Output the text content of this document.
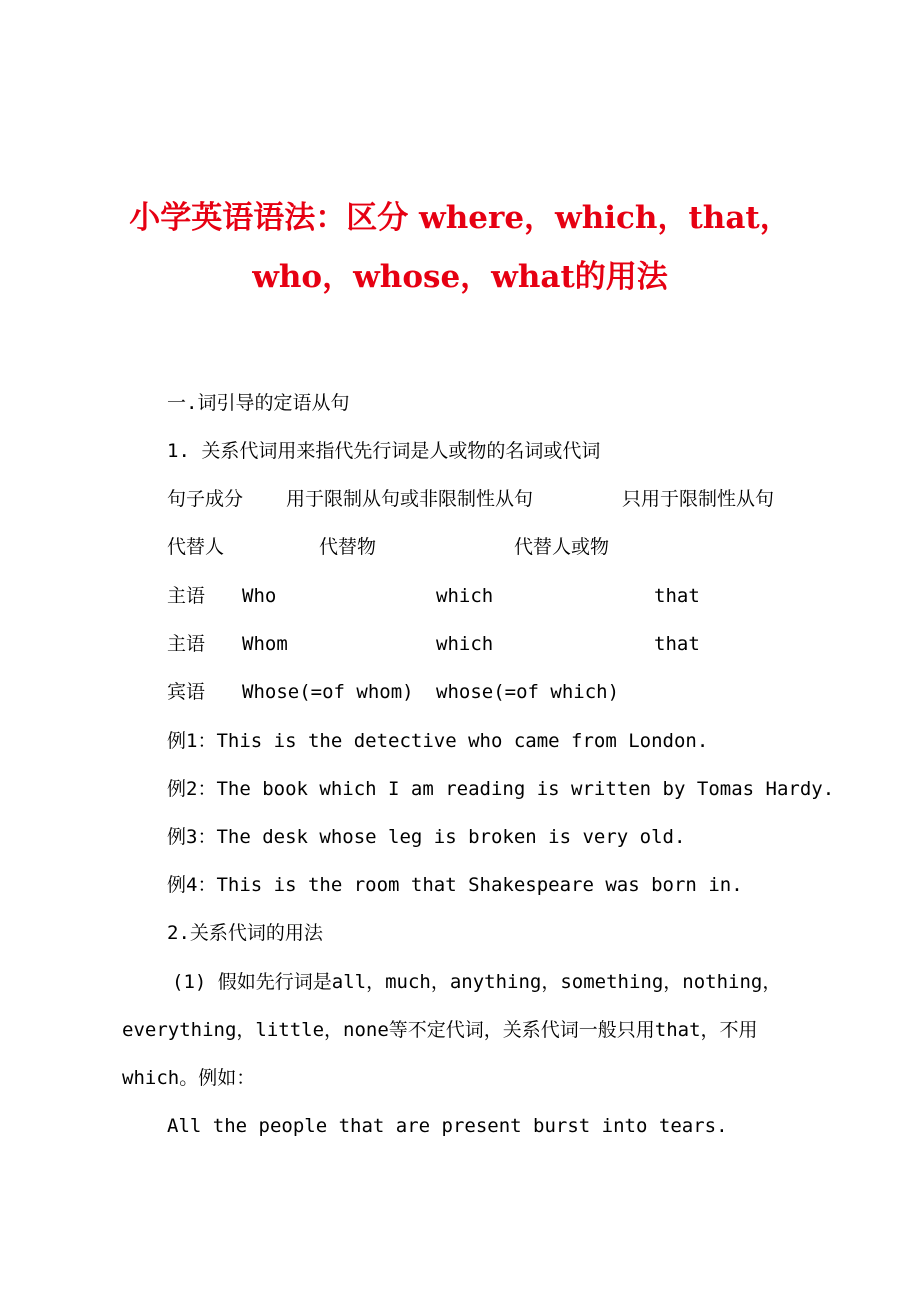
小学英语语法：区分 where，which，that，
who，whose，what的用法
一.词引导的定语从句
1. 关系代词用来指代先行词是人或物的名词或代词
句子成分 用于限制从句或非限制性从句	只用于限制性从句
代替人	代替物	代替人或物
主语 Who	which	that
主语 Whom	which	that
宾语 Whose(=of whom) whose(=of which)
例1：This is the detective who came from London.
例2：The book which I am reading is written by Tomas Hardy.
例3：The desk whose leg is broken is very old.
例4：This is the room that Shakespeare was born in.
2.关系代词的用法
(1) 假如先行词是all，much，anything，something，nothing，
everything，little，none等不定代词，关系代词一般只用that，不用
which。例如：
All the people that are present burst into tears.
